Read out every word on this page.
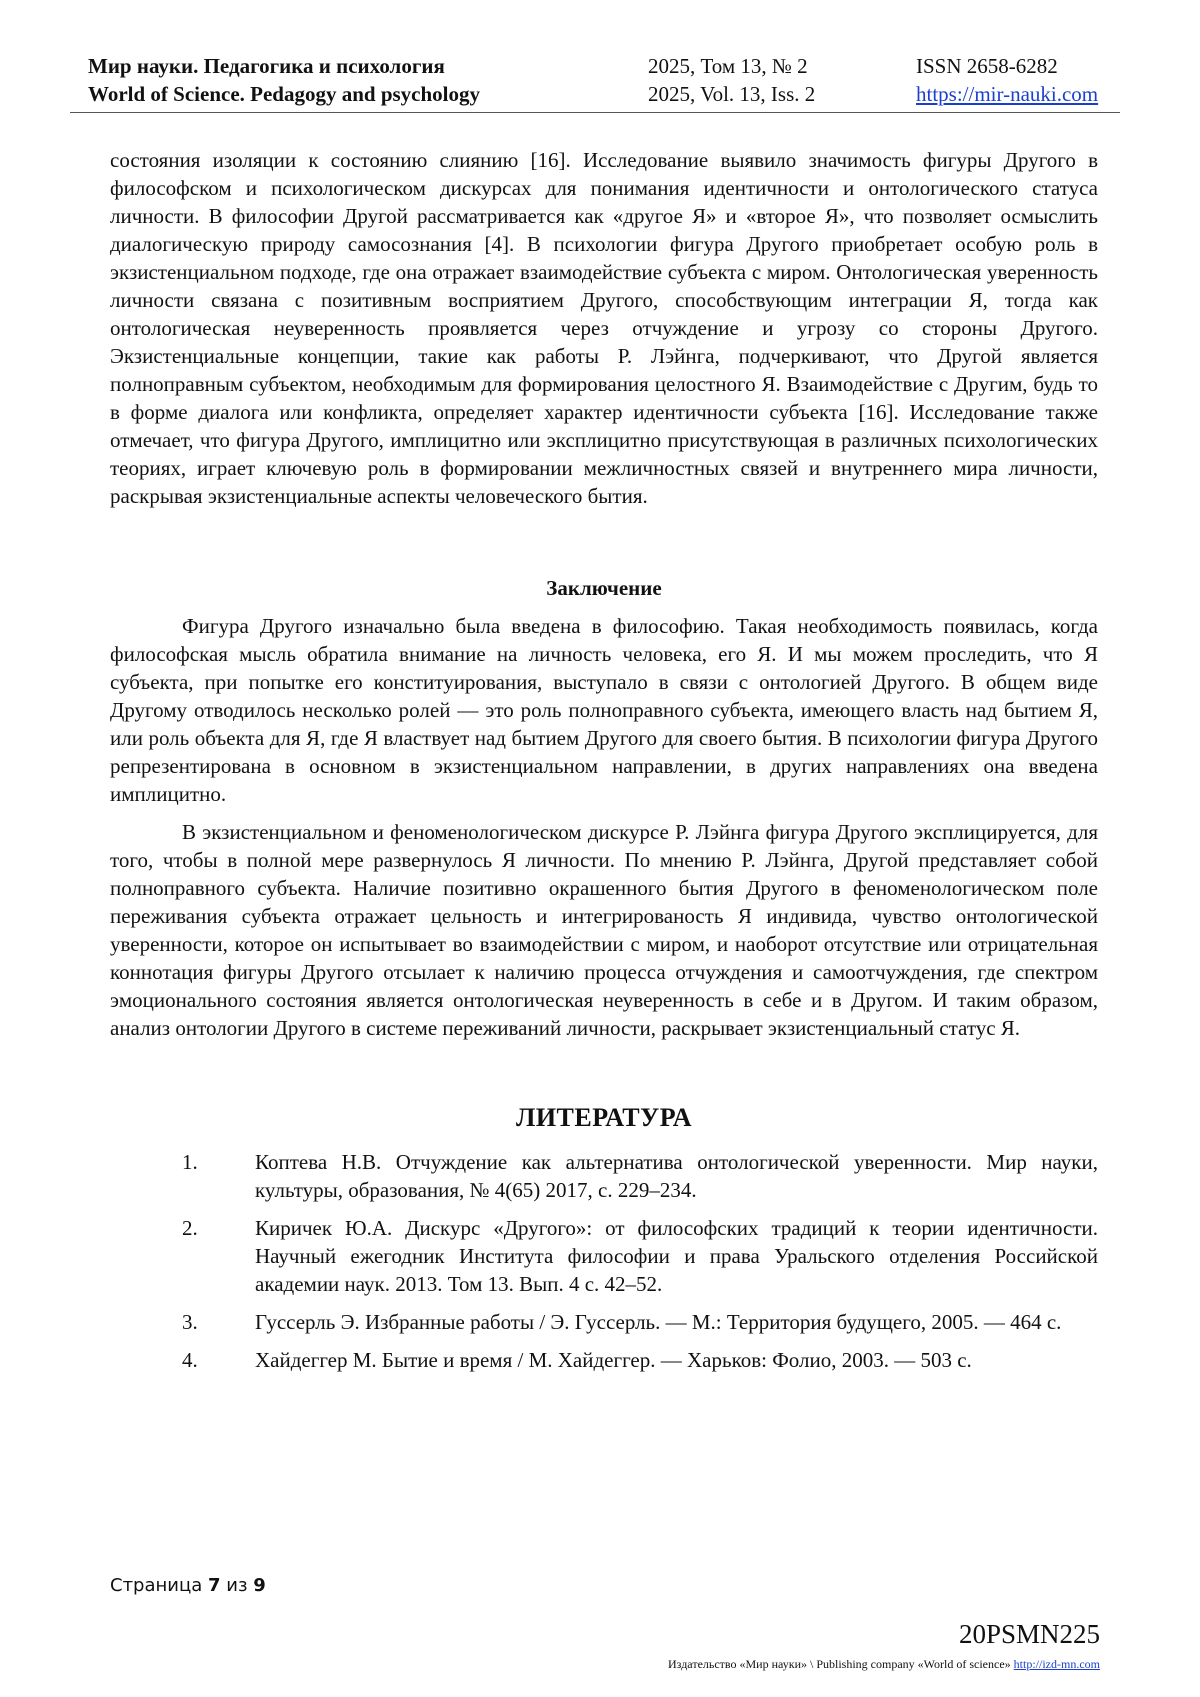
Мир науки. Педагогика и психология
World of Science. Pedagogy and psychology
2025, Том 13, № 2
2025, Vol. 13, Iss. 2
ISSN 2658-6282
https://mir-nauki.com

состояния изоляции к состоянию слиянию [16]. Исследование выявило значимость фигуры Другого в философском и психологическом дискурсах для понимания идентичности и онтологического статуса личности. В философии Другой рассматривается как «другое Я» и «второе Я», что позволяет осмыслить диалогическую природу самосознания [4]. В психологии фигура Другого приобретает особую роль в экзистенциальном подходе, где она отражает взаимодействие субъекта с миром. Онтологическая уверенность личности связана с позитивным восприятием Другого, способствующим интеграции Я, тогда как онтологическая неуверенность проявляется через отчуждение и угрозу со стороны Другого. Экзистенциальные концепции, такие как работы Р. Лэйнга, подчеркивают, что Другой является полноправным субъектом, необходимым для формирования целостного Я. Взаимодействие с Другим, будь то в форме диалога или конфликта, определяет характер идентичности субъекта [16]. Исследование также отмечает, что фигура Другого, имплицитно или эксплицитно присутствующая в различных психологических теориях, играет ключевую роль в формировании межличностных связей и внутреннего мира личности, раскрывая экзистенциальные аспекты человеческого бытия.

Заключение

Фигура Другого изначально была введена в философию. Такая необходимость появилась, когда философская мысль обратила внимание на личность человека, его Я. И мы можем проследить, что Я субъекта, при попытке его конституирования, выступало в связи с онтологией Другого. В общем виде Другому отводилось несколько ролей — это роль полноправного субъекта, имеющего власть над бытием Я, или роль объекта для Я, где Я властвует над бытием Другого для своего бытия. В психологии фигура Другого репрезентирована в основном в экзистенциальном направлении, в других направлениях она введена имплицитно.

В экзистенциальном и феноменологическом дискурсе Р. Лэйнга фигура Другого эксплицируется, для того, чтобы в полной мере развернулось Я личности. По мнению Р. Лэйнга, Другой представляет собой полноправного субъекта. Наличие позитивно окрашенного бытия Другого в феноменологическом поле переживания субъекта отражает цельность и интегрированость Я индивида, чувство онтологической уверенности, которое он испытывает во взаимодействии с миром, и наоборот отсутствие или отрицательная коннотация фигуры Другого отсылает к наличию процесса отчуждения и самоотчуждения, где спектром эмоционального состояния является онтологическая неуверенность в себе и в Другом. И таким образом, анализ онтологии Другого в системе переживаний личности, раскрывает экзистенциальный статус Я.

ЛИТЕРАТУРА

1.	Коптева Н.В. Отчуждение как альтернатива онтологической уверенности. Мир науки, культуры, образования, № 4(65) 2017, с. 229–234.
2.	Киричек Ю.А. Дискурс «Другого»: от философских традиций к теории идентичности. Научный ежегодник Института философии и права Уральского отделения Российской академии наук. 2013. Том 13. Вып. 4 с. 42–52.
3.	Гуссерль Э. Избранные работы / Э. Гуссерль. — М.: Территория будущего, 2005. — 464 с.
4.	Хайдеггер М. Бытие и время / М. Хайдеггер. — Харьков: Фолио, 2003. — 503 с.
Страница 7 из 9
20PSMN225
Издательство «Мир науки» \ Publishing company «World of science» http://izd-mn.com
